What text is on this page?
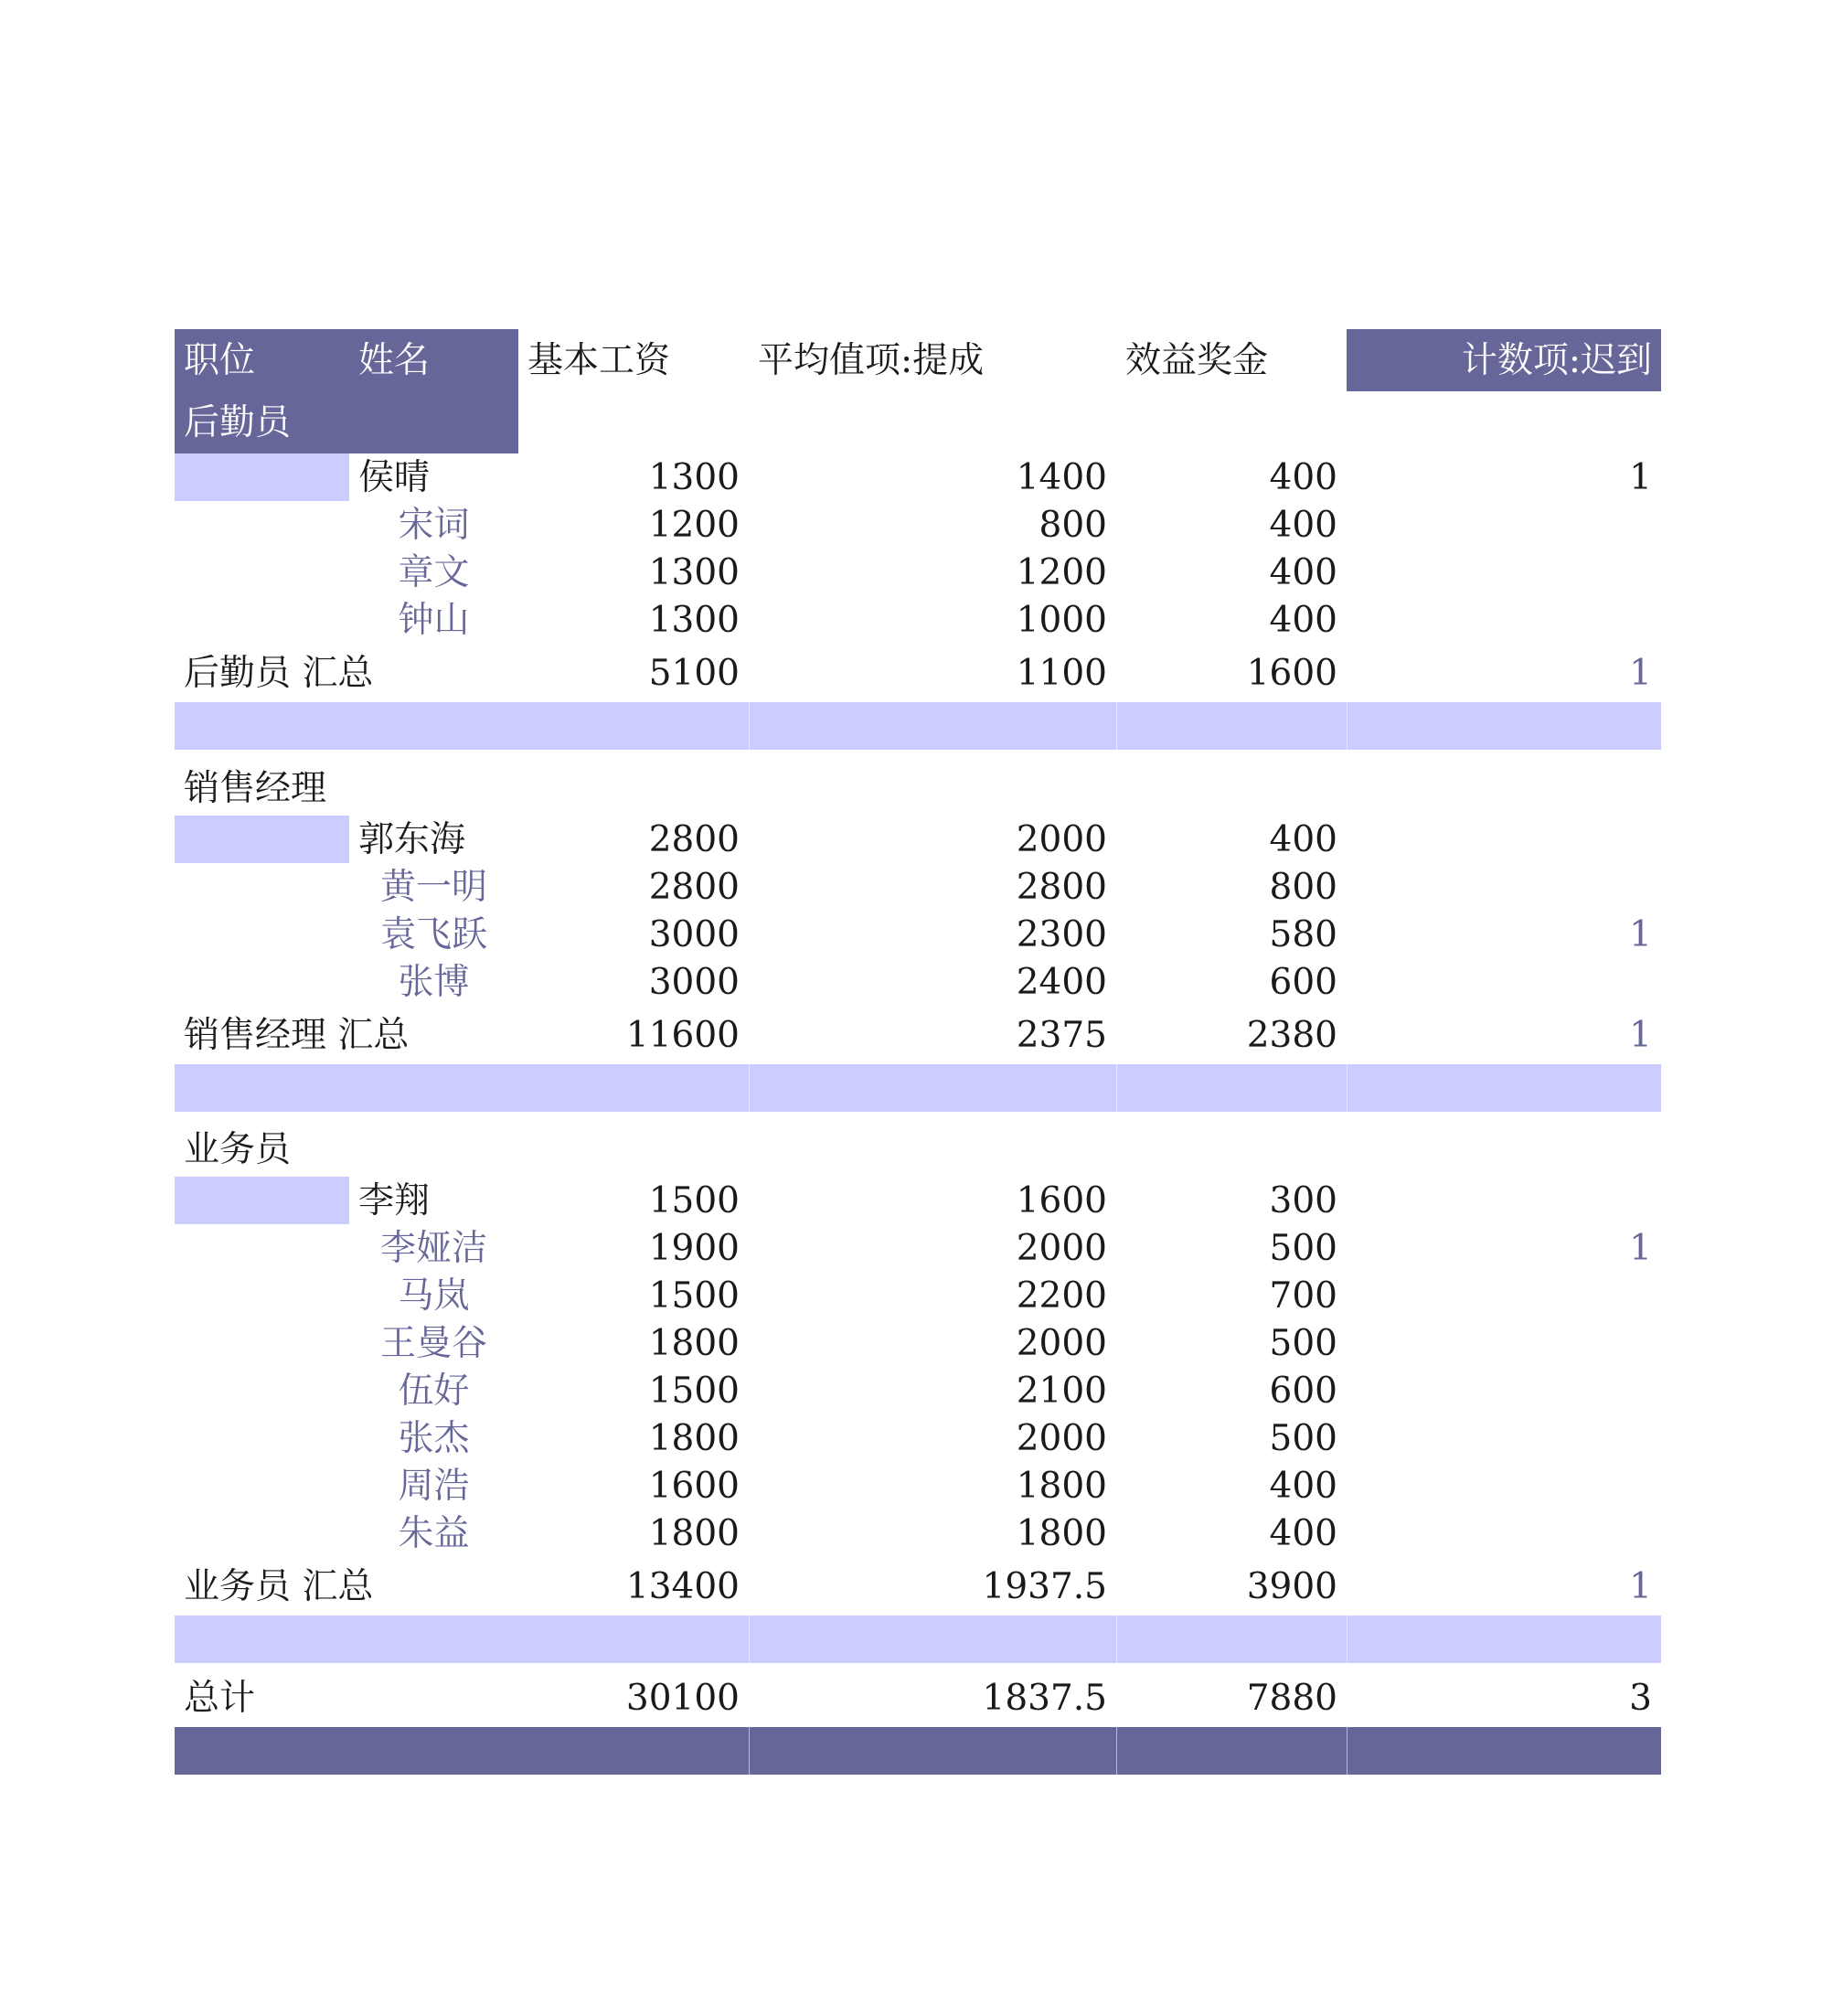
职位	姓名	基本工资	平均值项:提成	效益奖金	计数项:迟到
后勤员
侯晴	1300	1400	400	1
宋词	1200	800	400
章文	1300	1200	400
钟山	1300	1000	400
后勤员 汇总	5100	1100	1600	1
销售经理
郭东海	2800	2000	400
黄一明	2800	2800	800
袁飞跃	3000	2300	580	1
张博	3000	2400	600
销售经理 汇总	11600	2375	2380	1
业务员
李翔	1500	1600	300
李娅洁	1900	2000	500	1
马岚	1500	2200	700
王曼谷	1800	2000	500
伍好	1500	2100	600
张杰	1800	2000	500
周浩	1600	1800	400
朱益	1800	1800	400
业务员 汇总	13400	1937.5	3900	1
总计	30100	1837.5	7880	3
